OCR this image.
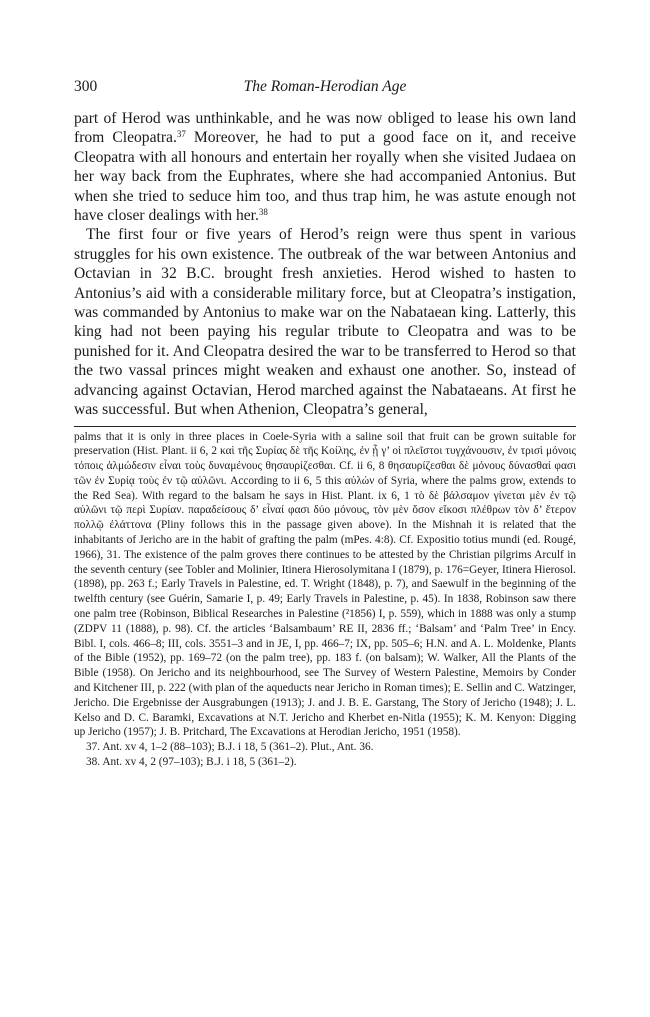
300	The Roman-Herodian Age

part of Herod was unthinkable, and he was now obliged to lease his own land from Cleopatra.$^{37}$ Moreover, he had to put a good face on it, and receive Cleopatra with all honours and entertain her royally when she visited Judaea on her way back from the Euphrates, where she had accompanied Antonius. But when she tried to seduce him too, and thus trap him, he was astute enough not have closer dealings with her.$^{38}$

The first four or five years of Herod’s reign were thus spent in various struggles for his own existence. The outbreak of the war between Antonius and Octavian in 32 B.C. brought fresh anxieties. Herod wished to hasten to Antonius’s aid with a considerable military force, but at Cleopatra’s instigation, was commanded by Antonius to make war on the Nabataean king. Latterly, this king had not been paying his regular tribute to Cleopatra and was to be punished for it. And Cleopatra desired the war to be transferred to Herod so that the two vassal princes might weaken and exhaust one another. So, instead of advancing against Octavian, Herod marched against the Nabataeans. At first he was successful. But when Athenion, Cleopatra’s general,

palms that it is only in three places in Coele-Syria with a saline soil that fruit can be grown suitable for preservation (Hist. Plant. ii 6, 2 καὶ τῆς Συρίας δὲ τῆς Κοίλης, ἐν ᾗ γ’ οἱ πλεῖστοι τυγχάνουσιν, ἐν τρισὶ μόνοις τόποις ἁλμώδεσιν εἶναι τοὺς δυναμένους θησαυρίζεσθαι. Cf. ii 6, 8 θησαυρίζεσθαι δὲ μόνους δύνασθαί φασι τῶν ἐν Συρίᾳ τοὺς ἐν τῷ αὐλῶνι. According to ii 6, 5 this αὐλών of Syria, where the palms grow, extends to the Red Sea). With regard to the balsam he says in Hist. Plant. ix 6, 1 τὸ δὲ βάλσαμον γίνεται μὲν ἐν τῷ αὐλῶνι τῷ περὶ Συρίαν. παραδείσους δ’ εἶναί φασι δύο μόνους, τὸν μὲν ὅσον εἴκοσι πλέθρων τὸν δ’ ἕτερον πολλῷ ἐλάττονα (Pliny follows this in the passage given above). In the Mishnah it is related that the inhabitants of Jericho are in the habit of grafting the palm (mPes. 4:8). Cf. Expositio totius mundi (ed. Rougé, 1966), 31. The existence of the palm groves there continues to be attested by the Christian pilgrims Arculf in the seventh century (see Tobler and Molinier, Itinera Hierosolymitana I (1879), p. 176=Geyer, Itinera Hierosol. (1898), pp. 263 f.; Early Travels in Palestine, ed. T. Wright (1848), p. 7), and Saewulf in the beginning of the twelfth century (see Guérin, Samarie I, p. 49; Early Travels in Palestine, p. 45). In 1838, Robinson saw there one palm tree (Robinson, Biblical Researches in Palestine (²1856) I, p. 559), which in 1888 was only a stump (ZDPV 11 (1888), p. 98). Cf. the articles ‘Balsambaum’ RE II, 2836 ff.; ‘Balsam’ and ‘Palm Tree’ in Ency. Bibl. I, cols. 466–8; III, cols. 3551–3 and in JE, I, pp. 466–7; IX, pp. 505–6; H.N. and A. L. Moldenke, Plants of the Bible (1952), pp. 169–72 (on the palm tree), pp. 183 f. (on balsam); W. Walker, All the Plants of the Bible (1958). On Jericho and its neighbourhood, see The Survey of Western Palestine, Memoirs by Conder and Kitchener III, p. 222 (with plan of the aqueducts near Jericho in Roman times); E. Sellin and C. Watzinger, Jericho. Die Ergebnisse der Ausgrabungen (1913); J. and J. B. E. Garstang, The Story of Jericho (1948); J. L. Kelso and D. C. Baramki, Excavations at N.T. Jericho and Kherbet en-Nitla (1955); K. M. Kenyon: Digging up Jericho (1957); J. B. Pritchard, The Excavations at Herodian Jericho, 1951 (1958).

37. Ant. xv 4, 1–2 (88–103); B.J. i 18, 5 (361–2). Plut., Ant. 36.

38. Ant. xv 4, 2 (97–103); B.J. i 18, 5 (361–2).
